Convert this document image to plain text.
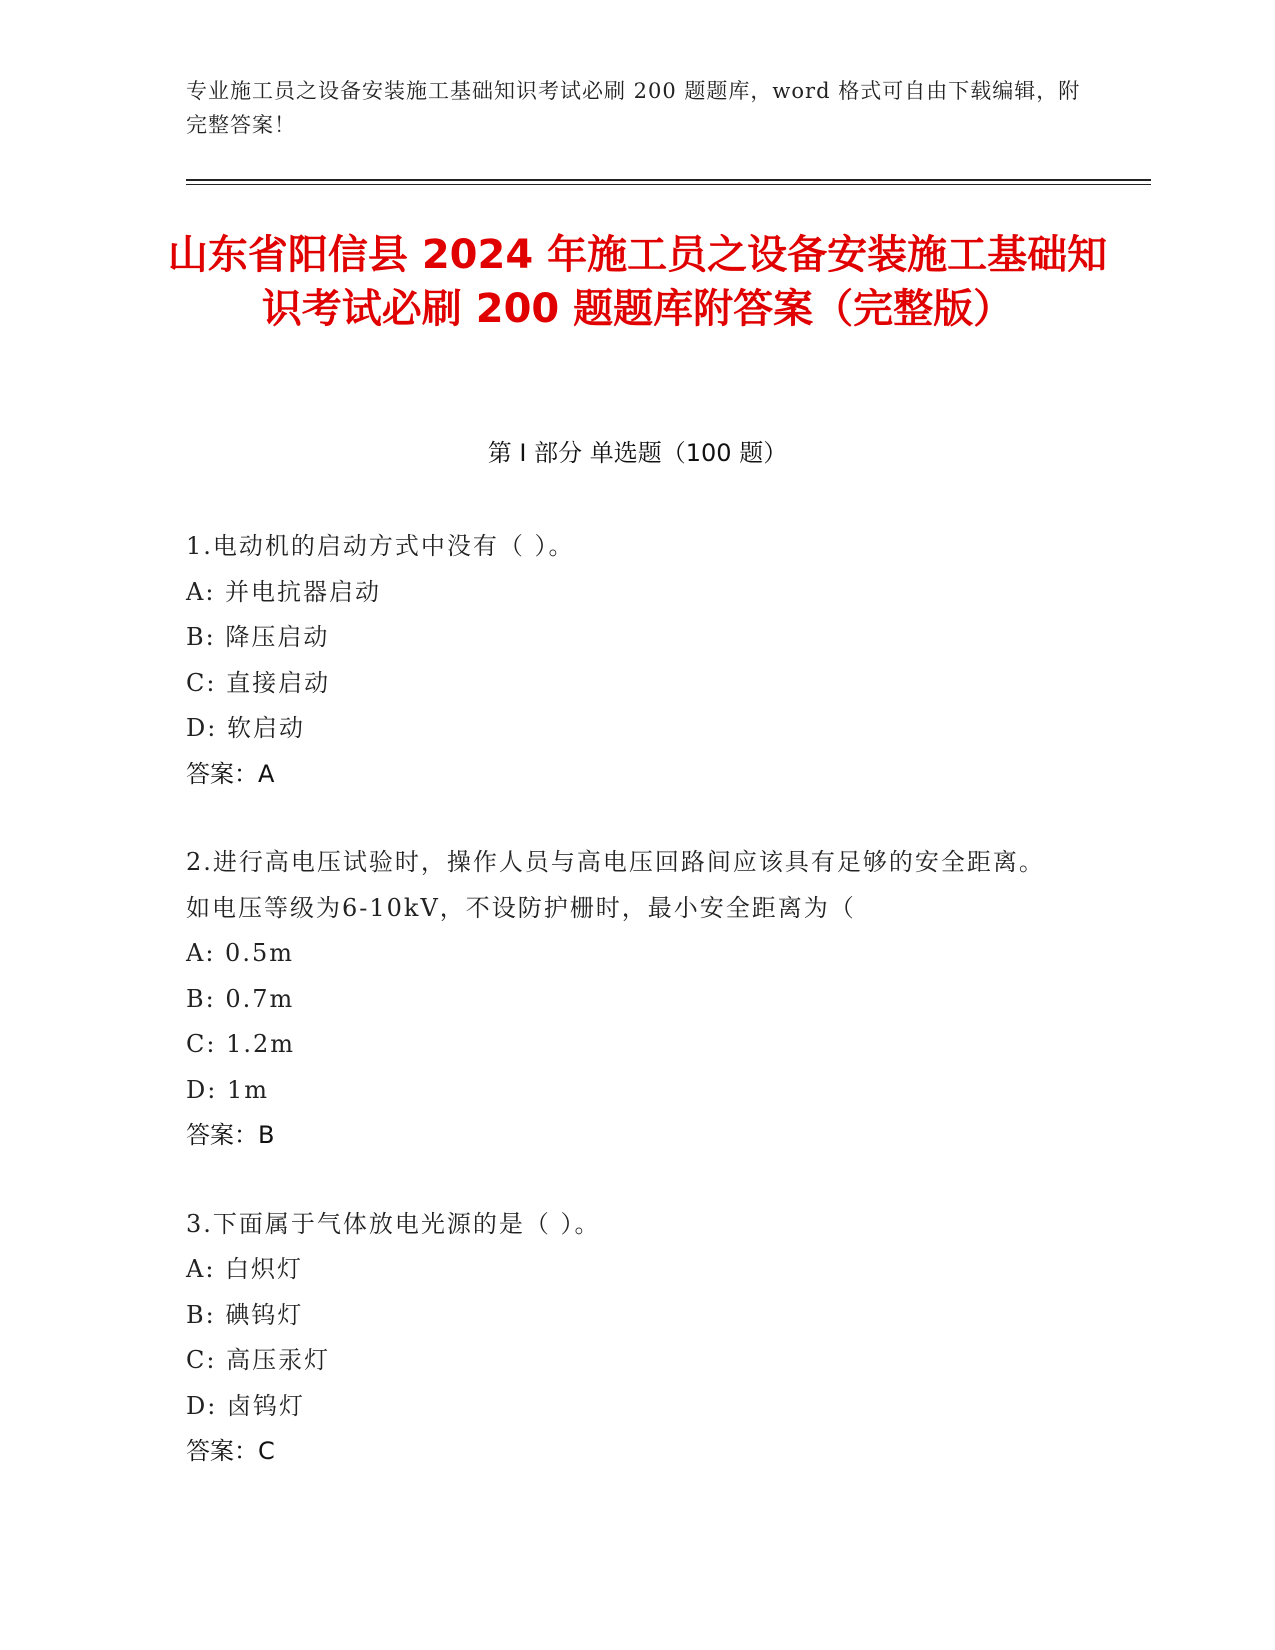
专业施工员之设备安装施工基础知识考试必刷 200 题题库，word 格式可自由下载编辑，附完整答案！
山东省阳信县 2024 年施工员之设备安装施工基础知识考试必刷 200 题题库附答案（完整版）
第 I 部分 单选题（100 题）
1.电动机的启动方式中没有（ ）。
A: 并电抗器启动
B: 降压启动
C: 直接启动
D: 软启动
答案：A
2.进行高电压试验时，操作人员与高电压回路间应该具有足够的安全距离。如电压等级为6-10kV，不设防护栅时，最小安全距离为（
A: 0.5m
B: 0.7m
C: 1.2m
D: 1m
答案：B
3.下面属于气体放电光源的是（ ）。
A: 白炽灯
B: 碘钨灯
C: 高压汞灯
D: 卤钨灯
答案：C
